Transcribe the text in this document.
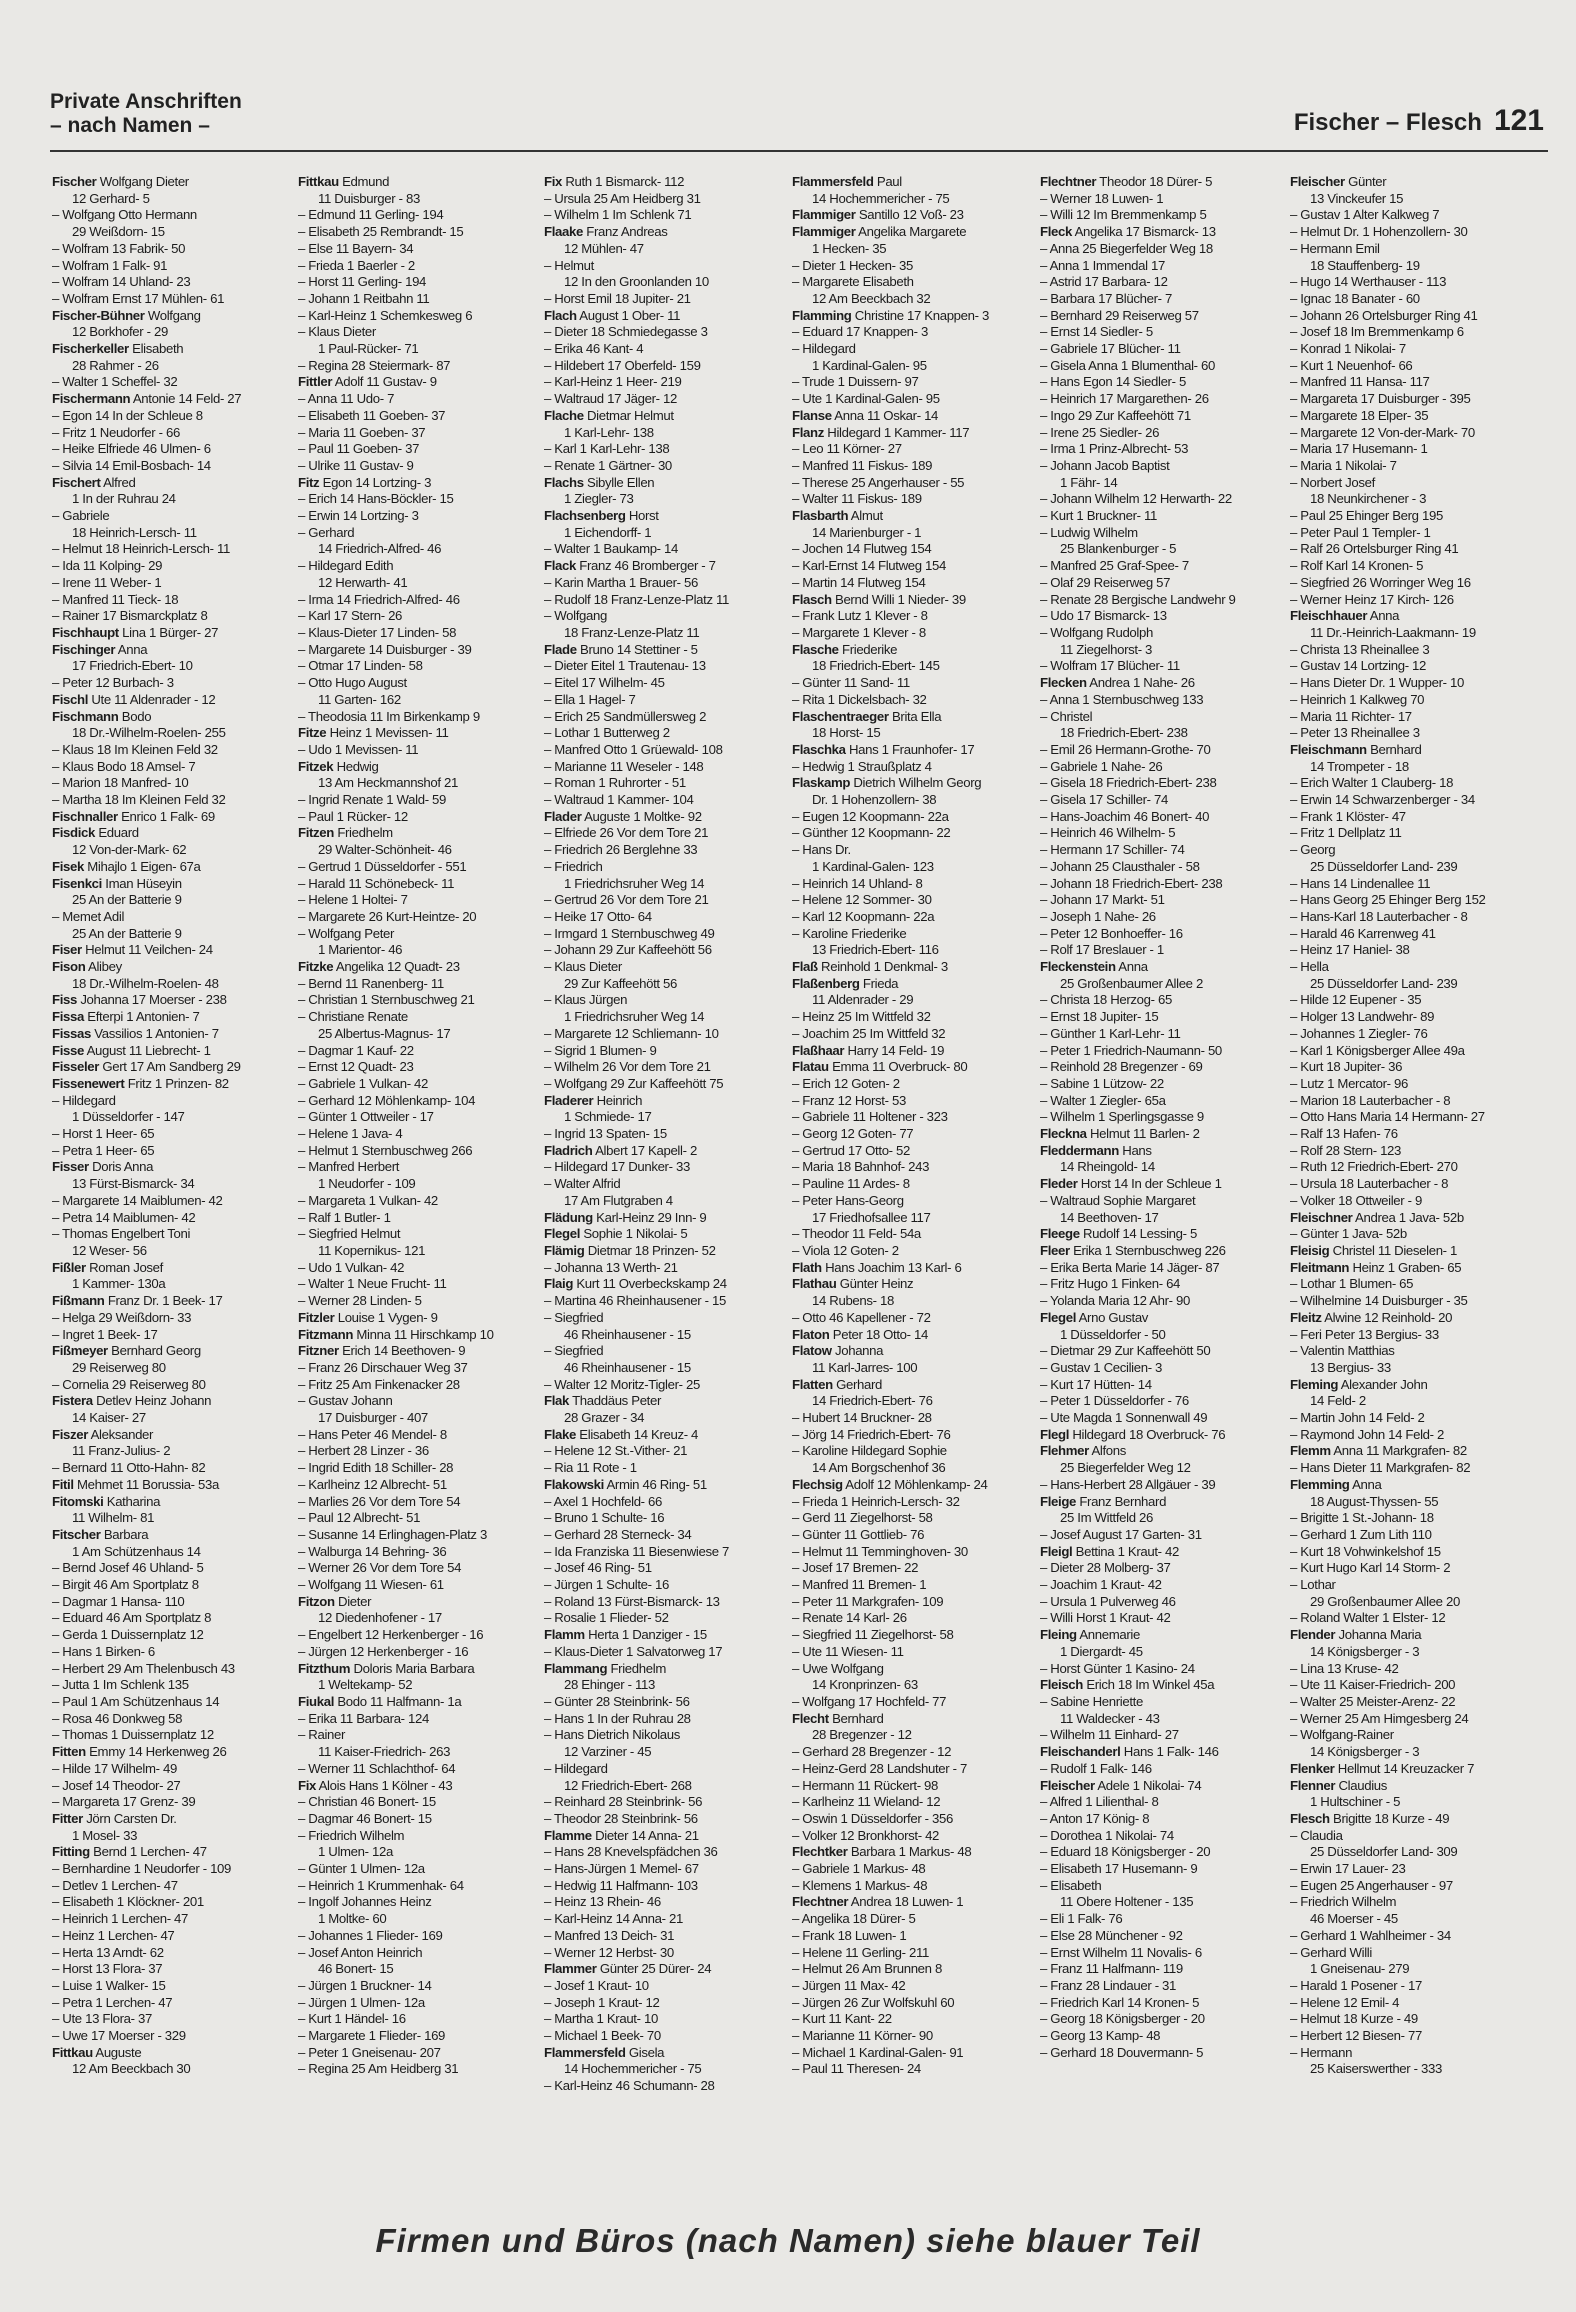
Private Anschriften
– nach Namen –	Fischer – Flesch 121
Fischer Wolfgang Dieter
12 Gerhard- 5
– Wolfgang Otto Hermann
29 Weißdorn- 15
– Wolfram 13 Fabrik- 50
– Wolfram 1 Falk- 91
– Wolfram 14 Uhland- 23
– Wolfram Ernst 17 Mühlen- 61
Fischer-Bühner Wolfgang
12 Borkhofer - 29
Fischerkeller Elisabeth
28 Rahmer - 26
– Walter 1 Scheffel- 32
Fischermann Antonie 14 Feld- 27
– Egon 14 In der Schleue 8
– Fritz 1 Neudorfer - 66
– Heike Elfriede 46 Ulmen- 6
– Silvia 14 Emil-Bosbach- 14
Fischert Alfred
1 In der Ruhrau 24
– Gabriele
18 Heinrich-Lersch- 11
– Helmut 18 Heinrich-Lersch- 11
– Ida 11 Kolping- 29
– Irene 11 Weber- 1
– Manfred 11 Tieck- 18
– Rainer 17 Bismarckplatz 8
Fischhaupt Lina 1 Bürger- 27
Fischinger Anna
17 Friedrich-Ebert- 10
– Peter 12 Burbach- 3
Fischl Ute 11 Aldenrader - 12
Fischmann Bodo
18 Dr.-Wilhelm-Roelen- 255
– Klaus 18 Im Kleinen Feld 32
– Klaus Bodo 18 Amsel- 7
– Marion 18 Manfred- 10
– Martha 18 Im Kleinen Feld 32
Fischnaller Enrico 1 Falk- 69
Fisdick Eduard
12 Von-der-Mark- 62
Fisek Mihajlo 1 Eigen- 67a
Fisenkci Iman Hüseyin
25 An der Batterie 9
– Memet Adil
25 An der Batterie 9
Fiser Helmut 11 Veilchen- 24
Fison Alibey
18 Dr.-Wilhelm-Roelen- 48
Fiss Johanna 17 Moerser - 238
Fissa Efterpi 1 Antonien- 7
Fissas Vassilios 1 Antonien- 7
Fisse August 11 Liebrecht- 1
Fisseler Gert 17 Am Sandberg 29
Fissenewert Fritz 1 Prinzen- 82
– Hildegard
1 Düsseldorfer - 147
– Horst 1 Heer- 65
– Petra 1 Heer- 65
Fisser Doris Anna
13 Fürst-Bismarck- 34
– Margarete 14 Maiblumen- 42
– Petra 14 Maiblumen- 42
– Thomas Engelbert Toni
12 Weser- 56
Fißler Roman Josef
1 Kammer- 130a
Fißmann Franz Dr. 1 Beek- 17
– Helga 29 Weißdorn- 33
– Ingret 1 Beek- 17
Fißmeyer Bernhard Georg
29 Reiserweg 80
– Cornelia 29 Reiserweg 80
Fistera Detlev Heinz Johann
14 Kaiser- 27
Fiszer Aleksander
11 Franz-Julius- 2
– Bernard 11 Otto-Hahn- 82
Fitil Mehmet 11 Borussia- 53a
Fitomski Katharina
11 Wilhelm- 81
Fitscher Barbara
1 Am Schützenhaus 14
– Bernd Josef 46 Uhland- 5
– Birgit 46 Am Sportplatz 8
– Dagmar 1 Hansa- 110
– Eduard 46 Am Sportplatz 8
– Gerda 1 Duissernplatz 12
– Hans 1 Birken- 6
– Herbert 29 Am Thelenbusch 43
– Jutta 1 Im Schlenk 135
– Paul 1 Am Schützenhaus 14
– Rosa 46 Donkweg 58
– Thomas 1 Duissernplatz 12
Fitten Emmy 14 Herkenweg 26
– Hilde 17 Wilhelm- 49
– Josef 14 Theodor- 27
– Margareta 17 Grenz- 39
Fitter Jörn Carsten Dr.
1 Mosel- 33
Fitting Bernd 1 Lerchen- 47
– Bernhardine 1 Neudorfer - 109
– Detlev 1 Lerchen- 47
– Elisabeth 1 Klöckner- 201
– Heinrich 1 Lerchen- 47
– Heinz 1 Lerchen- 47
– Herta 13 Arndt- 62
– Horst 13 Flora- 37
– Luise 1 Walker- 15
– Petra 1 Lerchen- 47
– Ute 13 Flora- 37
– Uwe 17 Moerser - 329
Fittkau Auguste
12 Am Beeckbach 30
Fittkau Edmund
11 Duisburger - 83
– Edmund 11 Gerling- 194
– Elisabeth 25 Rembrandt- 15
– Else 11 Bayern- 34
– Frieda 1 Baerler - 2
– Horst 11 Gerling- 194
– Johann 1 Reitbahn 11
– Karl-Heinz 1 Schemkesweg 6
– Klaus Dieter
1 Paul-Rücker- 71
– Regina 28 Steiermark- 87
Fittler Adolf 11 Gustav- 9
– Anna 11 Udo- 7
– Elisabeth 11 Goeben- 37
– Maria 11 Goeben- 37
– Paul 11 Goeben- 37
– Ulrike 11 Gustav- 9
Fitz Egon 14 Lortzing- 3
– Erich 14 Hans-Böckler- 15
– Erwin 14 Lortzing- 3
– Gerhard
14 Friedrich-Alfred- 46
– Hildegard Edith
12 Herwarth- 41
– Irma 14 Friedrich-Alfred- 46
– Karl 17 Stern- 26
– Klaus-Dieter 17 Linden- 58
– Margarete 14 Duisburger - 39
– Otmar 17 Linden- 58
– Otto Hugo August
11 Garten- 162
– Theodosia 11 Im Birkenkamp 9
Fitze Heinz 1 Mevissen- 11
– Udo 1 Mevissen- 11
Fitzek Hedwig
13 Am Heckmannshof 21
– Ingrid Renate 1 Wald- 59
– Paul 1 Rücker- 12
Fitzen Friedhelm
29 Walter-Schönheit- 46
– Gertrud 1 Düsseldorfer - 551
– Harald 11 Schönebeck- 11
– Helene 1 Holtei- 7
– Margarete 26 Kurt-Heintze- 20
– Wolfgang Peter
1 Marientor- 46
Fitzke Angelika 12 Quadt- 23
– Bernd 11 Ranenberg- 11
– Christian 1 Sternbuschweg 21
– Christiane Renate
25 Albertus-Magnus- 17
– Dagmar 1 Kauf- 22
– Ernst 12 Quadt- 23
– Gabriele 1 Vulkan- 42
– Gerhard 12 Möhlenkamp- 104
– Günter 1 Ottweiler - 17
– Helene 1 Java- 4
– Helmut 1 Sternbuschweg 266
– Manfred Herbert
1 Neudorfer - 109
– Margareta 1 Vulkan- 42
– Ralf 1 Butler- 1
– Siegfried Helmut
11 Kopernikus- 121
– Udo 1 Vulkan- 42
– Walter 1 Neue Frucht- 11
– Werner 28 Linden- 5
Fitzler Louise 1 Vygen- 9
Fitzmann Minna 11 Hirschkamp 10
Fitzner Erich 14 Beethoven- 9
– Franz 26 Dirschauer Weg 37
– Fritz 25 Am Finkenacker 28
– Gustav Johann
17 Duisburger - 407
– Hans Peter 46 Mendel- 8
– Herbert 28 Linzer - 36
– Ingrid Edith 18 Schiller- 28
– Karlheinz 12 Albrecht- 51
– Marlies 26 Vor dem Tore 54
– Paul 12 Albrecht- 51
– Susanne 14 Erlinghagen-Platz 3
– Walburga 14 Behring- 36
– Werner 26 Vor dem Tore 54
– Wolfgang 11 Wiesen- 61
Fitzon Dieter
12 Diedenhofener - 17
– Engelbert 12 Herkenberger - 16
– Jürgen 12 Herkenberger - 16
Fitzthum Doloris Maria Barbara
1 Weltekamp- 52
Fiukal Bodo 11 Halfmann- 1a
– Erika 11 Barbara- 124
– Rainer
11 Kaiser-Friedrich- 263
– Werner 11 Schlachthof- 64
Fix Alois Hans 1 Kölner - 43
– Christian 46 Bonert- 15
– Dagmar 46 Bonert- 15
– Friedrich Wilhelm
1 Ulmen- 12a
– Günter 1 Ulmen- 12a
– Heinrich 1 Krummenhak- 64
– Ingolf Johannes Heinz
1 Moltke- 60
– Johannes 1 Flieder- 169
– Josef Anton Heinrich
46 Bonert- 15
– Jürgen 1 Bruckner- 14
– Jürgen 1 Ulmen- 12a
– Kurt 1 Händel- 16
– Margarete 1 Flieder- 169
– Peter 1 Gneisenau- 207
– Regina 25 Am Heidberg 31
Fix Ruth 1 Bismarck- 112
– Ursula 25 Am Heidberg 31
– Wilhelm 1 Im Schlenk 71
Flaake Franz Andreas
12 Mühlen- 47
– Helmut
12 In den Groonlanden 10
– Horst Emil 18 Jupiter- 21
Flach August 1 Ober- 11
– Dieter 18 Schmiedegasse 3
– Erika 46 Kant- 4
– Hildebert 17 Oberfeld- 159
– Karl-Heinz 1 Heer- 219
– Waltraud 17 Jäger- 12
Flache Dietmar Helmut
1 Karl-Lehr- 138
– Karl 1 Karl-Lehr- 138
– Renate 1 Gärtner- 30
Flachs Sibylle Ellen
1 Ziegler- 73
Flachsenberg Horst
1 Eichendorff- 1
– Walter 1 Baukamp- 14
Flack Franz 46 Bromberger - 7
– Karin Martha 1 Brauer- 56
– Rudolf 18 Franz-Lenze-Platz 11
– Wolfgang
18 Franz-Lenze-Platz 11
Flade Bruno 14 Stettiner - 5
– Dieter Eitel 1 Trautenau- 13
– Eitel 17 Wilhelm- 45
– Ella 1 Hagel- 7
– Erich 25 Sandmüllersweg 2
– Lothar 1 Butterweg 2
– Manfred Otto 1 Grüewald- 108
– Marianne 11 Weseler - 148
– Roman 1 Ruhrorter - 51
– Waltraud 1 Kammer- 104
Flader Auguste 1 Moltke- 92
– Elfriede 26 Vor dem Tore 21
– Friedrich 26 Berglehne 33
– Friedrich
1 Friedrichsruher Weg 14
– Gertrud 26 Vor dem Tore 21
– Heike 17 Otto- 64
– Irmgard 1 Sternbuschweg 49
– Johann 29 Zur Kaffeehött 56
– Klaus Dieter
29 Zur Kaffeehött 56
– Klaus Jürgen
1 Friedrichsruher Weg 14
– Margarete 12 Schliemann- 10
– Sigrid 1 Blumen- 9
– Wilhelm 26 Vor dem Tore 21
– Wolfgang 29 Zur Kaffeehött 75
Fladerer Heinrich
1 Schmiede- 17
– Ingrid 13 Spaten- 15
Fladrich Albert 17 Kapell- 2
– Hildegard 17 Dunker- 33
– Walter Alfrid
17 Am Flutgraben 4
Flädung Karl-Heinz 29 Inn- 9
Flegel Sophie 1 Nikolai- 5
Flämig Dietmar 18 Prinzen- 52
– Johanna 13 Werth- 21
Flaig Kurt 11 Overbeckskamp 24
– Martina 46 Rheinhausener - 15
– Siegfried
46 Rheinhausener - 15
– Siegfried
46 Rheinhausener - 15
– Walter 12 Moritz-Tigler- 25
Flak Thaddäus Peter
28 Grazer - 34
Flake Elisabeth 14 Kreuz- 4
– Helene 12 St.-Vither- 21
– Ria 11 Rote - 1
Flakowski Armin 46 Ring- 51
– Axel 1 Hochfeld- 66
– Bruno 1 Schulte- 16
– Gerhard 28 Sterneck- 34
– Ida Franziska 11 Biesenwiese 7
– Josef 46 Ring- 51
– Jürgen 1 Schulte- 16
– Roland 13 Fürst-Bismarck- 13
– Rosalie 1 Flieder- 52
Flamm Herta 1 Danziger - 15
– Klaus-Dieter 1 Salvatorweg 17
Flammang Friedhelm
28 Ehinger - 113
– Günter 28 Steinbrink- 56
– Hans 1 In der Ruhrau 28
– Hans Dietrich Nikolaus
12 Varziner - 45
– Hildegard
12 Friedrich-Ebert- 268
– Reinhard 28 Steinbrink- 56
– Theodor 28 Steinbrink- 56
Flamme Dieter 14 Anna- 21
– Hans 28 Knevelspfädchen 36
– Hans-Jürgen 1 Memel- 67
– Hedwig 11 Halfmann- 103
– Heinz 13 Rhein- 46
– Karl-Heinz 14 Anna- 21
– Manfred 13 Deich- 31
– Werner 12 Herbst- 30
Flammer Günter 25 Dürer- 24
– Josef 1 Kraut- 10
– Joseph 1 Kraut- 12
– Martha 1 Kraut- 10
– Michael 1 Beek- 70
Flammersfeld Gisela
14 Hochemmericher - 75
– Karl-Heinz 46 Schumann- 28
Flammersfeld Paul
14 Hochemmericher - 75
Flammiger Santillo 12 Voß- 23
Flammiger Angelika Margarete
1 Hecken- 35
– Dieter 1 Hecken- 35
– Margarete Elisabeth
12 Am Beeckbach 32
Flamming Christine 17 Knappen- 3
– Eduard 17 Knappen- 3
– Hildegard
1 Kardinal-Galen- 95
– Trude 1 Duissern- 97
– Ute 1 Kardinal-Galen- 95
Flanse Anna 11 Oskar- 14
Flanz Hildegard 1 Kammer- 117
– Leo 11 Körner- 27
– Manfred 11 Fiskus- 189
– Therese 25 Angerhauser - 55
– Walter 11 Fiskus- 189
Flasbarth Almut
14 Marienburger - 1
– Jochen 14 Flutweg 154
– Karl-Ernst 14 Flutweg 154
– Martin 14 Flutweg 154
Flasch Bernd Willi 1 Nieder- 39
– Frank Lutz 1 Klever - 8
– Margarete 1 Klever - 8
Flasche Friederike
18 Friedrich-Ebert- 145
– Günter 11 Sand- 11
– Rita 1 Dickelsbach- 32
Flaschentraeger Brita Ella
18 Horst- 15
Flaschka Hans 1 Fraunhofer- 17
– Hedwig 1 Straußplatz 4
Flaskamp Dietrich Wilhelm Georg
Dr. 1 Hohenzollern- 38
– Eugen 12 Koopmann- 22a
– Günther 12 Koopmann- 22
– Hans Dr.
1 Kardinal-Galen- 123
– Heinrich 14 Uhland- 8
– Helene 12 Sommer- 30
– Karl 12 Koopmann- 22a
– Karoline Friederike
13 Friedrich-Ebert- 116
Flaß Reinhold 1 Denkmal- 3
Flaßenberg Frieda
11 Aldenrader - 29
– Heinz 25 Im Wittfeld 32
– Joachim 25 Im Wittfeld 32
Flaßhaar Harry 14 Feld- 19
Flatau Emma 11 Overbruck- 80
– Erich 12 Goten- 2
– Franz 12 Horst- 53
– Gabriele 11 Holtener - 323
– Georg 12 Goten- 77
– Gertrud 17 Otto- 52
– Maria 18 Bahnhof- 243
– Pauline 11 Ardes- 8
– Peter Hans-Georg
17 Friedhofsallee 117
– Theodor 11 Feld- 54a
– Viola 12 Goten- 2
Flath Hans Joachim 13 Karl- 6
Flathau Günter Heinz
14 Rubens- 18
– Otto 46 Kapellener - 72
Flaton Peter 18 Otto- 14
Flatow Johanna
11 Karl-Jarres- 100
Flatten Gerhard
14 Friedrich-Ebert- 76
– Hubert 14 Bruckner- 28
– Jörg 14 Friedrich-Ebert- 76
– Karoline Hildegard Sophie
14 Am Borgschenhof 36
Flechsig Adolf 12 Möhlenkamp- 24
– Frieda 1 Heinrich-Lersch- 32
– Gerd 11 Ziegelhorst- 58
– Günter 11 Gottlieb- 76
– Helmut 11 Temminghoven- 30
– Josef 17 Bremen- 22
– Manfred 11 Bremen- 1
– Peter 11 Markgrafen- 109
– Renate 14 Karl- 26
– Siegfried 11 Ziegelhorst- 58
– Ute 11 Wiesen- 11
– Uwe Wolfgang
14 Kronprinzen- 63
– Wolfgang 17 Hochfeld- 77
Flecht Bernhard
28 Bregenzer - 12
– Gerhard 28 Bregenzer - 12
– Heinz-Gerd 28 Landshuter - 7
– Hermann 11 Rückert- 98
– Karlheinz 11 Wieland- 12
– Oswin 1 Düsseldorfer - 356
– Volker 12 Bronkhorst- 42
Flechtker Barbara 1 Markus- 48
– Gabriele 1 Markus- 48
– Klemens 1 Markus- 48
Flechtner Andrea 18 Luwen- 1
– Angelika 18 Dürer- 5
– Frank 18 Luwen- 1
– Helene 11 Gerling- 211
– Helmut 26 Am Brunnen 8
– Jürgen 11 Max- 42
– Jürgen 26 Zur Wolfskuhl 60
– Kurt 11 Kant- 22
– Marianne 11 Körner- 90
– Michael 1 Kardinal-Galen- 91
– Paul 11 Theresen- 24
Flechtner Theodor 18 Dürer- 5
– Werner 18 Luwen- 1
– Willi 12 Im Bremmenkamp 5
Fleck Angelika 17 Bismarck- 13
– Anna 25 Biegerfelder Weg 18
– Anna 1 Immendal 17
– Astrid 17 Barbara- 12
– Barbara 17 Blücher- 7
– Bernhard 29 Reiserweg 57
– Ernst 14 Siedler- 5
– Gabriele 17 Blücher- 11
– Gisela Anna 1 Blumenthal- 60
– Hans Egon 14 Siedler- 5
– Heinrich 17 Margarethen- 26
– Ingo 29 Zur Kaffeehött 71
– Irene 25 Siedler- 26
– Irma 1 Prinz-Albrecht- 53
– Johann Jacob Baptist
1 Fähr- 14
– Johann Wilhelm 12 Herwarth- 22
– Kurt 1 Bruckner- 11
– Ludwig Wilhelm
25 Blankenburger - 5
– Manfred 25 Graf-Spee- 7
– Olaf 29 Reiserweg 57
– Renate 28 Bergische Landwehr 9
– Udo 17 Bismarck- 13
– Wolfgang Rudolph
11 Ziegelhorst- 3
– Wolfram 17 Blücher- 11
Flecken Andrea 1 Nahe- 26
– Anna 1 Sternbuschweg 133
– Christel
18 Friedrich-Ebert- 238
– Emil 26 Hermann-Grothe- 70
– Gabriele 1 Nahe- 26
– Gisela 18 Friedrich-Ebert- 238
– Gisela 17 Schiller- 74
– Hans-Joachim 46 Bonert- 40
– Heinrich 46 Wilhelm- 5
– Hermann 17 Schiller- 74
– Johann 25 Clausthaler - 58
– Johann 18 Friedrich-Ebert- 238
– Johann 17 Markt- 51
– Joseph 1 Nahe- 26
– Peter 12 Bonhoeffer- 16
– Rolf 17 Breslauer - 1
Fleckenstein Anna
25 Großenbaumer Allee 2
– Christa 18 Herzog- 65
– Ernst 18 Jupiter- 15
– Günther 1 Karl-Lehr- 11
– Peter 1 Friedrich-Naumann- 50
– Reinhold 28 Bregenzer - 69
– Sabine 1 Lützow- 22
– Walter 1 Ziegler- 65a
– Wilhelm 1 Sperlingsgasse 9
Fleckna Helmut 11 Barlen- 2
Fleddermann Hans
14 Rheingold- 14
Fleder Horst 14 In der Schleue 1
– Waltraud Sophie Margaret
14 Beethoven- 17
Fleege Rudolf 14 Lessing- 5
Fleer Erika 1 Sternbuschweg 226
– Erika Berta Marie 14 Jäger- 87
– Fritz Hugo 1 Finken- 64
– Yolanda Maria 12 Ahr- 90
Flegel Arno Gustav
1 Düsseldorfer - 50
– Dietmar 29 Zur Kaffeehött 50
– Gustav 1 Cecilien- 3
– Kurt 17 Hütten- 14
– Peter 1 Düsseldorfer - 76
– Ute Magda 1 Sonnenwall 49
Flegl Hildegard 18 Overbruck- 76
Flehmer Alfons
25 Biegerfelder Weg 12
– Hans-Herbert 28 Allgäuer - 39
Fleige Franz Bernhard
25 Im Wittfeld 26
– Josef August 17 Garten- 31
Fleigl Bettina 1 Kraut- 42
– Dieter 28 Molberg- 37
– Joachim 1 Kraut- 42
– Ursula 1 Pulverweg 46
– Willi Horst 1 Kraut- 42
Fleing Annemarie
1 Diergardt- 45
– Horst Günter 1 Kasino- 24
Fleisch Erich 18 Im Winkel 45a
– Sabine Henriette
11 Waldecker - 43
– Wilhelm 11 Einhard- 27
Fleischanderl Hans 1 Falk- 146
– Rudolf 1 Falk- 146
Fleischer Adele 1 Nikolai- 74
– Alfred 1 Lilienthal- 8
– Anton 17 König- 8
– Dorothea 1 Nikolai- 74
– Eduard 18 Königsberger - 20
– Elisabeth 17 Husemann- 9
– Elisabeth
11 Obere Holtener - 135
– Eli 1 Falk- 76
– Else 28 Münchener - 92
– Ernst Wilhelm 11 Novalis- 6
– Franz 11 Halfmann- 119
– Franz 28 Lindauer - 31
– Friedrich Karl 14 Kronen- 5
– Georg 18 Königsberger - 20
– Georg 13 Kamp- 48
– Gerhard 18 Douvermann- 5
Fleischer Günter
13 Vinckeufer 15
– Gustav 1 Alter Kalkweg 7
– Helmut Dr. 1 Hohenzollern- 30
– Hermann Emil
18 Stauffenberg- 19
– Hugo 14 Werthauser - 113
– Ignac 18 Banater - 60
– Johann 26 Ortelsburger Ring 41
– Josef 18 Im Bremmenkamp 6
– Konrad 1 Nikolai- 7
– Kurt 1 Neuenhof- 66
– Manfred 11 Hansa- 117
– Margareta 17 Duisburger - 395
– Margarete 18 Elper- 35
– Margarete 12 Von-der-Mark- 70
– Maria 17 Husemann- 1
– Maria 1 Nikolai- 7
– Norbert Josef
18 Neunkirchener - 3
– Paul 25 Ehinger Berg 195
– Peter Paul 1 Templer- 1
– Ralf 26 Ortelsburger Ring 41
– Rolf Karl 14 Kronen- 5
– Siegfried 26 Worringer Weg 16
– Werner Heinz 17 Kirch- 126
Fleischhauer Anna
11 Dr.-Heinrich-Laakmann- 19
– Christa 13 Rheinallee 3
– Gustav 14 Lortzing- 12
– Hans Dieter Dr. 1 Wupper- 10
– Heinrich 1 Kalkweg 70
– Maria 11 Richter- 17
– Peter 13 Rheinallee 3
Fleischmann Bernhard
14 Trompeter - 18
– Erich Walter 1 Clauberg- 18
– Erwin 14 Schwarzenberger - 34
– Frank 1 Klöster- 47
– Fritz 1 Dellplatz 11
– Georg
25 Düsseldorfer Land- 239
– Hans 14 Lindenallee 11
– Hans Georg 25 Ehinger Berg 152
– Hans-Karl 18 Lauterbacher - 8
– Harald 46 Karrenweg 41
– Heinz 17 Haniel- 38
– Hella
25 Düsseldorfer Land- 239
– Hilde 12 Eupener - 35
– Holger 13 Landwehr- 89
– Johannes 1 Ziegler- 76
– Karl 1 Königsberger Allee 49a
– Kurt 18 Jupiter- 36
– Lutz 1 Mercator- 96
– Marion 18 Lauterbacher - 8
– Otto Hans Maria 14 Hermann- 27
– Ralf 13 Hafen- 76
– Rolf 28 Stern- 123
– Ruth 12 Friedrich-Ebert- 270
– Ursula 18 Lauterbacher - 8
– Volker 18 Ottweiler - 9
Fleischner Andrea 1 Java- 52b
– Günter 1 Java- 52b
Fleisig Christel 11 Dieselen- 1
Fleitmann Heinz 1 Graben- 65
– Lothar 1 Blumen- 65
– Wilhelmine 14 Duisburger - 35
Fleitz Alwine 12 Reinhold- 20
– Feri Peter 13 Bergius- 33
– Valentin Matthias
13 Bergius- 33
Fleming Alexander John
14 Feld- 2
– Martin John 14 Feld- 2
– Raymond John 14 Feld- 2
Flemm Anna 11 Markgrafen- 82
– Hans Dieter 11 Markgrafen- 82
Flemming Anna
18 August-Thyssen- 55
– Brigitte 1 St.-Johann- 18
– Gerhard 1 Zum Lith 110
– Kurt 18 Vohwinkelshof 15
– Kurt Hugo Karl 14 Storm- 2
– Lothar
29 Großenbaumer Allee 20
– Roland Walter 1 Elster- 12
Flender Johanna Maria
14 Königsberger - 3
– Lina 13 Kruse- 42
– Ute 11 Kaiser-Friedrich- 200
– Walter 25 Meister-Arenz- 22
– Werner 25 Am Himgesberg 24
– Wolfgang-Rainer
14 Königsberger - 3
Flenker Hellmut 14 Kreuzacker 7
Flenner Claudius
1 Hultschiner - 5
Flesch Brigitte 18 Kurze - 49
– Claudia
25 Düsseldorfer Land- 309
– Erwin 17 Lauer- 23
– Eugen 25 Angerhauser - 97
– Friedrich Wilhelm
46 Moerser - 45
– Gerhard 1 Wahlheimer - 34
– Gerhard Willi
1 Gneisenau- 279
– Harald 1 Posener - 17
– Helene 12 Emil- 4
– Helmut 18 Kurze - 49
– Herbert 12 Biesen- 77
– Hermann
25 Kaiserswerther - 333
Firmen und Büros (nach Namen) siehe blauer Teil
